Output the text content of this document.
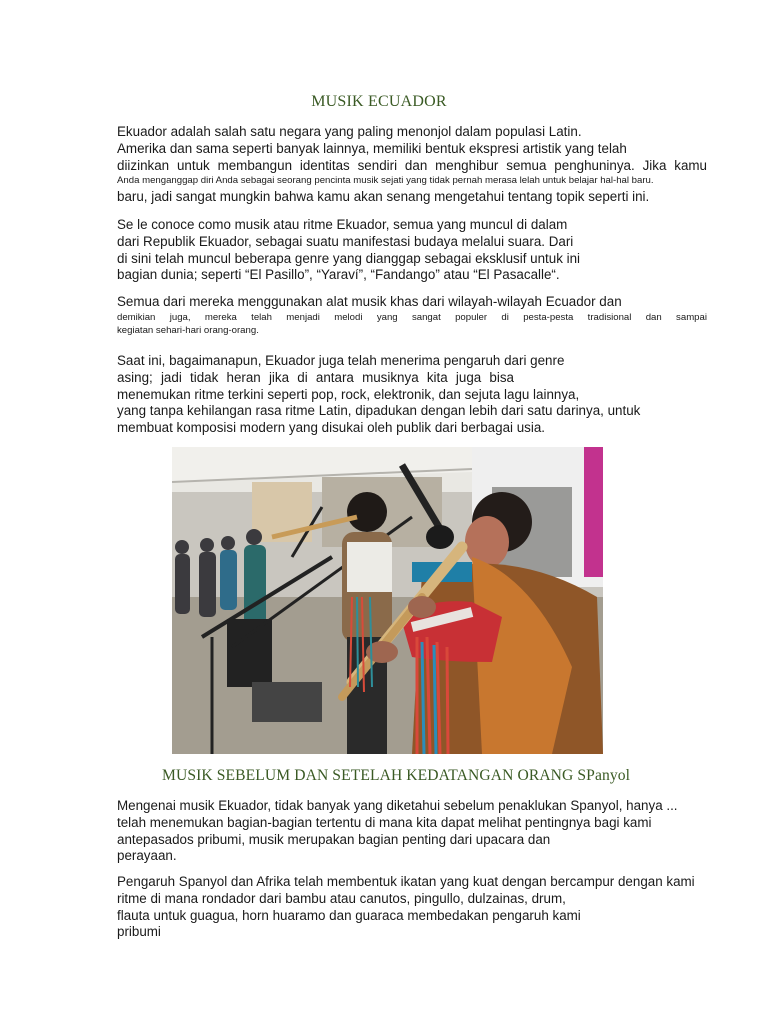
MUSIK ECUADOR
Ekuador adalah salah satu negara yang paling menonjol dalam populasi Latin.
Amerika dan sama seperti banyak lainnya, memiliki bentuk ekspresi artistik yang telah
diizinkan untuk membangun identitas sendiri dan menghibur semua penghuninya. Jika kamu
Anda menganggap diri Anda sebagai seorang pencinta musik sejati yang tidak pernah merasa lelah untuk belajar hal-hal baru.
baru, jadi sangat mungkin bahwa kamu akan senang mengetahui tentang topik seperti ini.
Se le conoce como musik atau ritme Ekuador, semua yang muncul di dalam
dari Republik Ekuador, sebagai suatu manifestasi budaya melalui suara. Dari
di sini telah muncul beberapa genre yang dianggap sebagai eksklusif untuk ini
bagian dunia; seperti “El Pasillo”, “Yaraví”, “Fandango” atau “El Pasacalle“.
Semua dari mereka menggunakan alat musik khas dari wilayah-wilayah Ecuador dan
demikian juga, mereka telah menjadi melodi yang sangat populer di pesta-pesta tradisional dan sampai
kegiatan sehari-hari orang-orang.
Saat ini, bagaimanapun, Ekuador juga telah menerima pengaruh dari genre
asing; jadi tidak heran jika di antara musiknya kita juga bisa
menemukan ritme terkini seperti pop, rock, elektronik, dan sejuta lagu lainnya,
yang tanpa kehilangan rasa ritme Latin, dipadukan dengan lebih dari satu darinya, untuk
membuat komposisi modern yang disukai oleh publik dari berbagai usia.
MUSIK SEBELUM DAN SETELAH KEDATANGAN ORANG SPanyol
Mengenai musik Ekuador, tidak banyak yang diketahui sebelum penaklukan Spanyol, hanya ...
telah menemukan bagian-bagian tertentu di mana kita dapat melihat pentingnya bagi kami
antepasados pribumi, musik merupakan bagian penting dari upacara dan
perayaan.
Pengaruh Spanyol dan Afrika telah membentuk ikatan yang kuat dengan bercampur dengan kami
ritme di mana rondador dari bambu atau canutos, pingullo, dulzainas, drum,
flauta untuk guagua, horn huaramo dan guaraca membedakan pengaruh kami
pribumi
